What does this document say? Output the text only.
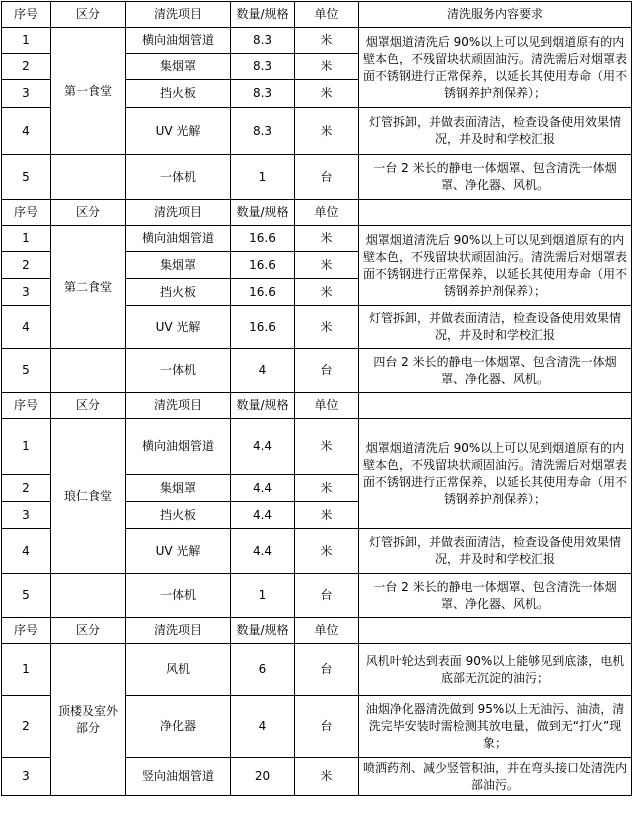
序号	区分	清洗项目	数量/规格	单位	清洗服务内容要求
1	第一食堂	横向油烟管道	8.3	米	烟罩烟道清洗后 90%以上可以见到烟道原有的内壁本色，不残留块状顽固油污。清洗需后对烟罩表面不锈钢进行正常保养，以延长其使用寿命（用不锈钢养护剂保养）；
2		集烟罩	8.3	米	
3		挡火板	8.3	米	
4		UV 光解	8.3	米	灯管拆卸，并做表面清洁，检查设备使用效果情况，并及时和学校汇报
5		一体机	1	台	一台 2 米长的静电一体烟罩、包含清洗一体烟罩、净化器、风机。
序号	区分	清洗项目	数量/规格	单位	
1	第二食堂	横向油烟管道	16.6	米	烟罩烟道清洗后 90%以上可以见到烟道原有的内壁本色，不残留块状顽固油污。清洗需后对烟罩表面不锈钢进行正常保养，以延长其使用寿命（用不锈钢养护剂保养）；
2		集烟罩	16.6	米	
3		挡火板	16.6	米	
4		UV 光解	16.6	米	灯管拆卸，并做表面清洁，检查设备使用效果情况，并及时和学校汇报
5		一体机	4	台	四台 2 米长的静电一体烟罩、包含清洗一体烟罩、净化器、风机。
序号	区分	清洗项目	数量/规格	单位	
1	琅仁食堂	横向油烟管道	4.4	米	烟罩烟道清洗后 90%以上可以见到烟道原有的内壁本色，不残留块状顽固油污。清洗需后对烟罩表面不锈钢进行正常保养，以延长其使用寿命（用不锈钢养护剂保养）；
2		集烟罩	4.4	米	
3		挡火板	4.4	米	
4		UV 光解	4.4	米	灯管拆卸，并做表面清洁，检查设备使用效果情况，并及时和学校汇报
5		一体机	1	台	一台 2 米长的静电一体烟罩、包含清洗一体烟罩、净化器、风机。
序号	区分	清洗项目	数量/规格	单位	
1	顶楼及室外部分	风机	6	台	风机叶轮达到表面 90%以上能够见到底漆，电机底部无沉淀的油污；
2		净化器	4	台	油烟净化器清洗做到 95%以上无油污、油渍，清洗完毕安装时需检测其放电量，做到无“打火”现象；
3		竖向油烟管道	20	米	喷洒药剂、减少竖管积油，并在弯头接口处清洗内部油污。
